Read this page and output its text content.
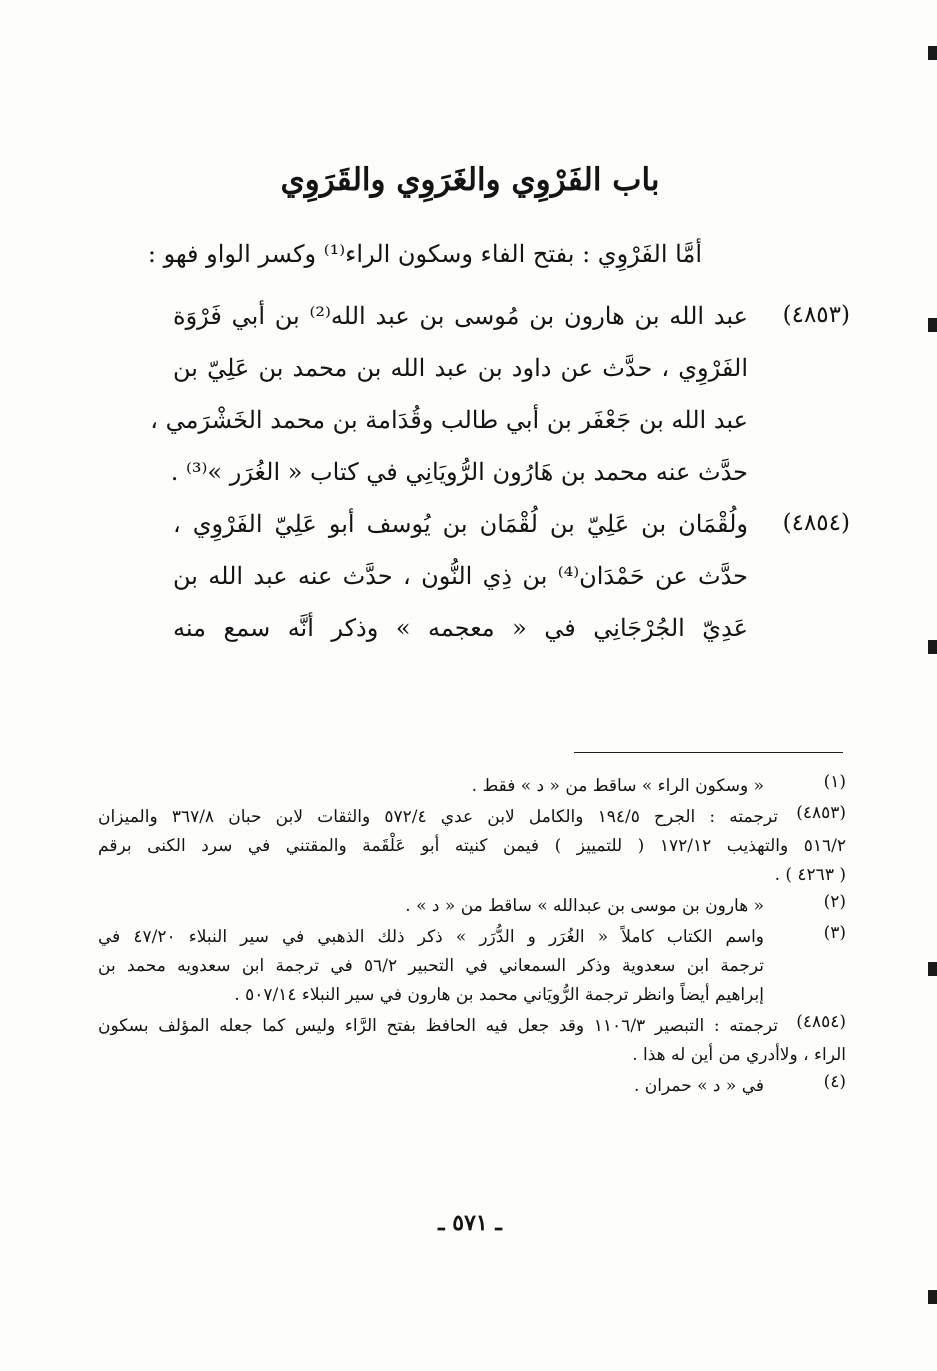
باب الفَرْوِي والغَرَوِي والقَرَوِي
أمَّا الفَرْوِي : بفتح الفاء وسكون الراء⁽¹⁾ وكسر الواو فهو :
(٤٨٥٣)
عبد الله بن هارون بن مُوسى بن عبد الله⁽²⁾ بن أبي فَرْوَة
الفَرْوِي ، حدَّث عن داود بن عبد الله بن محمد بن عَلِيّ بن
عبد الله بن جَعْفَر بن أبي طالب وقُدَامة بن محمد الخَشْرَمي ،
حدَّث عنه محمد بن هَارُون الرُّويَانِي في كتاب « الغُرَر »⁽³⁾ .
(٤٨٥٤)
ولُقْمَان بن عَلِيّ بن لُقْمَان بن يُوسف أبو عَلِيّ الفَرْوِي ،
حدَّث عن حَمْدَان⁽⁴⁾ بن ذِي النُّون ، حدَّث عنه عبد الله بن
عَدِيّ الجُرْجَانِي في « معجمه » وذكر أنَّه سمع منه
(١)
« وسكون الراء » ساقط من « د » فقط .
(٤٨٥٣)
ترجمته : الجرح ١٩٤/٥ والكامل لابن عدي ٥٧٢/٤ والثقات لابن حبان ٣٦٧/٨ والميزان
٥١٦/٢ والتهذيب ١٧٢/١٢ ( للتمييز ) فيمن كنيته أبو عَلْقَمة والمقتني في سرد الكنى برقم
( ٤٢٦٣ ) .
(٢)
« هارون بن موسى بن عبدالله » ساقط من « د » .
(٣)
واسم الكتاب كاملاً « الغُرَر و الدُّرَر » ذكر ذلك الذهبي في سير النبلاء ٤٧/٢٠ في
ترجمة ابن سعدوية وذكر السمعاني في التحبير ٥٦/٢ في ترجمة ابن سعدويه محمد بن
إبراهيم أيضاً وانظر ترجمة الرُّويَاني محمد بن هارون في سير النبلاء ٥٠٧/١٤ .
(٤٨٥٤)
ترجمته : التبصير ١١٠٦/٣ وقد جعل فيه الحافظ بفتح الرَّاء وليس كما جعله المؤلف بسكون
الراء ، ولاأدري من أين له هذا .
(٤)
في « د » حمران .
ـ ٥٧١ ـ
